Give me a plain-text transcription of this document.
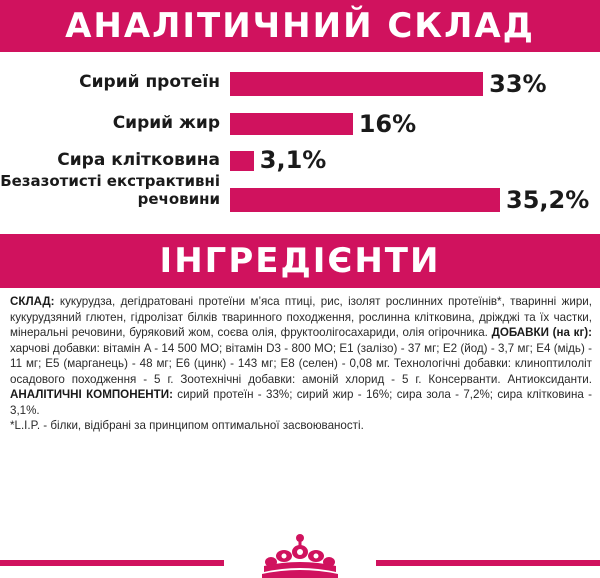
АНАЛІТИЧНИЙ СКЛАД
Сирий протеїн	33%
Сирий жир	16%
Сира клітковина 3,1%
Безазотисті екстрактивні речовини	35,2%
ІНГРЕДІЄНТИ
СКЛАД: кукурудза, дегідратовані протеїни м’яса птиці, рис, ізолят рослинних протеїнів*, тваринні жири, кукурудзяний глютен, гідролізат білків тваринного походження, рослинна клітковина, дріжджі та їх частки, мінеральні речовини, буряковий жом, соєва олія, фруктоолігосахариди, олія огірочника. ДОБАВКИ (на кг): харчові добавки: вітамін A - 14 500 МО; вітамін D3 - 800 МО; E1 (залізо) - 37 мг; E2 (йод) - 3,7 мг; E4 (мідь) - 11 мг; E5 (марганець) - 48 мг; E6 (цинк) - 143 мг; E8 (селен) - 0,08 мг. Технологічні добавки: клиноптилоліт осадового походження - 5 г. Зоотехнічні добавки: амоній хлорид - 5 г. Консерванти. Антиоксиданти. АНАЛІТИЧНІ КОМПОНЕНТИ: сирий протеїн - 33%; сирий жир - 16%; сира зола - 7,2%; сира клітковина - 3,1%.
*L.I.P. - білки, відібрані за принципом оптимальної засвоюваності.
